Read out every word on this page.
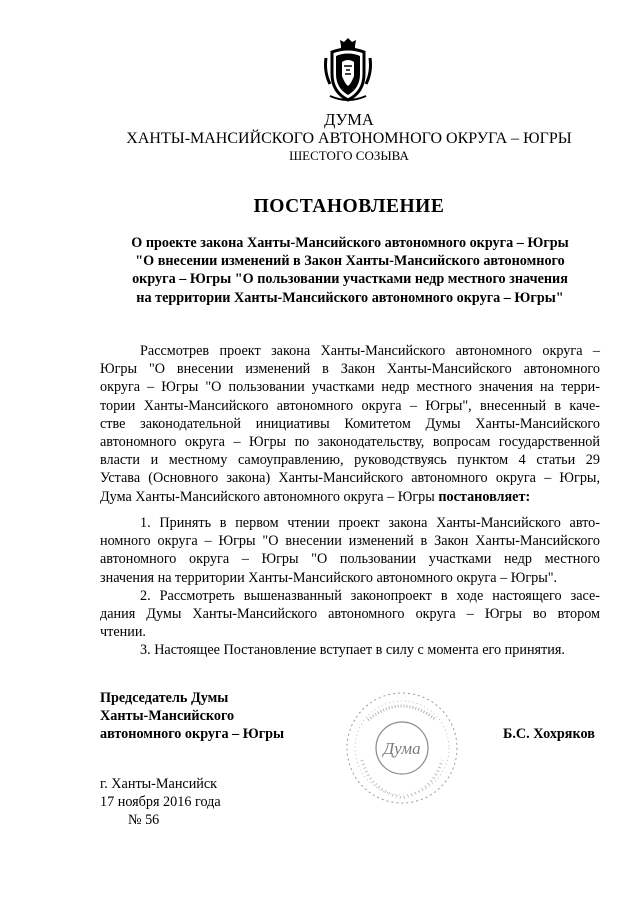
ДУМА
ХАНТЫ-МАНСИЙСКОГО АВТОНОМНОГО ОКРУГА – ЮГРЫ
ШЕСТОГО СОЗЫВА
ПОСТАНОВЛЕНИЕ
О проекте закона Ханты-Мансийского автономного округа – Югры
"О внесении изменений в Закон Ханты-Мансийского автономного
округа – Югры "О пользовании участками недр местного значения
на территории Ханты-Мансийского автономного округа – Югры"
Рассмотрев проект закона Ханты-Мансийского автономного округа –
Югры "О внесении изменений в Закон Ханты-Мансийского автономного
округа – Югры "О пользовании участками недр местного значения на терри-
тории Ханты-Мансийского автономного округа – Югры", внесенный в каче-
стве законодательной инициативы Комитетом Думы Ханты-Мансийского
автономного округа – Югры по законодательству, вопросам государственной
власти и местному самоуправлению, руководствуясь пунктом 4 статьи 29
Устава (Основного закона) Ханты-Мансийского автономного округа – Югры,
Дума Ханты-Мансийского автономного округа – Югры постановляет:
1. Принять в первом чтении проект закона Ханты-Мансийского авто-
номного округа – Югры "О внесении изменений в Закон Ханты-Мансийского
автономного округа – Югры "О пользовании участками недр местного
значения на территории Ханты-Мансийского автономного округа – Югры".
2. Рассмотреть вышеназванный законопроект в ходе настоящего засе-
дания Думы Ханты-Мансийского автономного округа – Югры во втором
чтении.
3. Настоящее Постановление вступает в силу с момента его принятия.
Председатель Думы
Ханты-Мансийского
автономного округа – Югры
Дума
Б.С. Хохряков
г. Ханты-Мансийск
17 ноября 2016 года
№ 56
